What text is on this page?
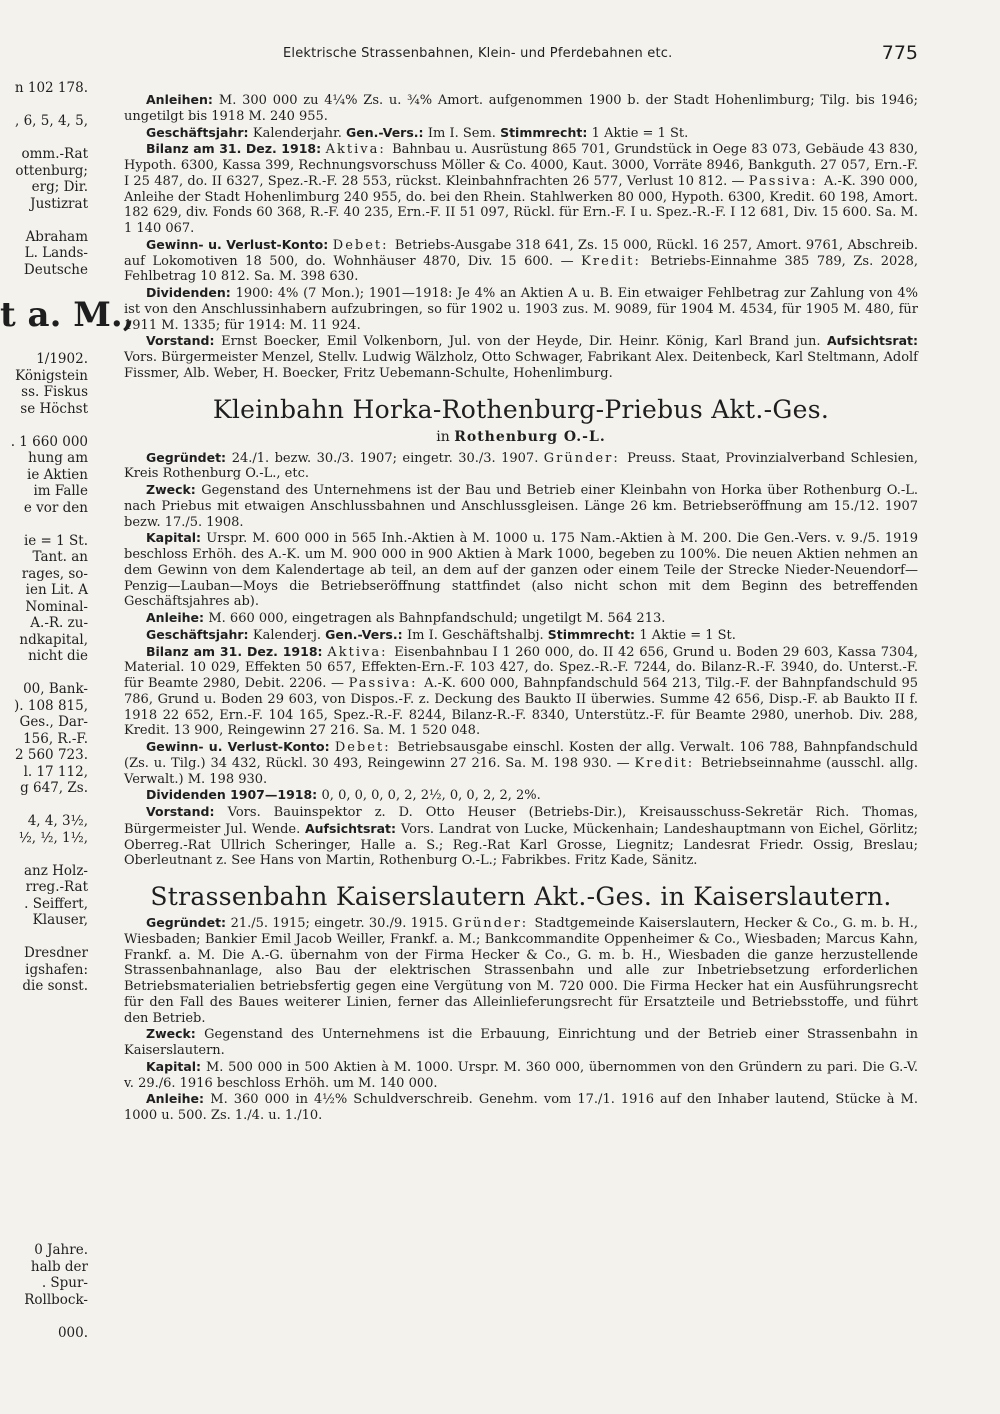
Elektrische Strassenbahnen, Klein- und Pferdebahnen etc.	775
n 102 178.
, 6, 5, 4, 5,
omm.-Rat
ottenburg;
erg; Dir.
Justizrat
Abraham
L. Lands-
Deutsche
t a. M.,
1/1902.
Königstein
ss. Fiskus
se Höchst
. 1 660 000
hung am
ie Aktien
im Falle
e vor den
ie = 1 St.
Tant. an
rages, so-
ien Lit. A
Nominal-
A.-R. zu-
ndkapital,
nicht die
00, Bank-
). 108 815,
Ges., Dar-
156, R.-F.
2 560 723.
l. 17 112,
g 647, Zs.
4, 4, 3½,
½, ½, 1½,
anz Holz-
rreg.-Rat
. Seiffert,
Klauser,
Dresdner
igshafen:
die sonst.
0 Jahre.
halb der
. Spur-
Rollbock-
000.

Anleihen: M. 300 000 zu 4¼% Zs. u. ¾% Amort. aufgenommen 1900 b. der Stadt Hohenlimburg; Tilg. bis 1946; ungetilgt bis 1918 M. 240 955.

Geschäftsjahr: Kalenderjahr. Gen.-Vers.: Im I. Sem. Stimmrecht: 1 Aktie = 1 St.

Bilanz am 31. Dez. 1918: Aktiva: Bahnbau u. Ausrüstung 865 701, Grundstück in Oege 83 073, Gebäude 43 830, Hypoth. 6300, Kassa 399, Rechnungsvorschuss Möller & Co. 4000, Kaut. 3000, Vorräte 8946, Bankguth. 27 057, Ern.-F. I 25 487, do. II 6327, Spez.-R.-F. 28 553, rückst. Kleinbahnfrachten 26 577, Verlust 10 812. — Passiva: A.-K. 390 000, Anleihe der Stadt Hohenlimburg 240 955, do. bei den Rhein. Stahlwerken 80 000, Hypoth. 6300, Kredit. 60 198, Amort. 182 629, div. Fonds 60 368, R.-F. 40 235, Ern.-F. II 51 097, Rückl. für Ern.-F. I u. Spez.-R.-F. I 12 681, Div. 15 600. Sa. M. 1 140 067.

Gewinn- u. Verlust-Konto: Debet: Betriebs-Ausgabe 318 641, Zs. 15 000, Rückl. 16 257, Amort. 9761, Abschreib. auf Lokomotiven 18 500, do. Wohnhäuser 4870, Div. 15 600. — Kredit: Betriebs-Einnahme 385 789, Zs. 2028, Fehlbetrag 10 812. Sa. M. 398 630.

Dividenden: 1900: 4% (7 Mon.); 1901—1918: Je 4% an Aktien A u. B. Ein etwaiger Fehlbetrag zur Zahlung von 4% ist von den Anschlussinhabern aufzubringen, so für 1902 u. 1903 zus. M. 9089, für 1904 M. 4534, für 1905 M. 480, für 1911 M. 1335; für 1914: M. 11 924.

Vorstand: Ernst Boecker, Emil Volkenborn, Jul. von der Heyde, Dir. Heinr. König, Karl Brand jun. Aufsichtsrat: Vors. Bürgermeister Menzel, Stellv. Ludwig Wälzholz, Otto Schwager, Fabrikant Alex. Deitenbeck, Karl Steltmann, Adolf Fissmer, Alb. Weber, H. Boecker, Fritz Uebemann-Schulte, Hohenlimburg.

Kleinbahn Horka-Rothenburg-Priebus Akt.-Ges.
in Rothenburg O.-L.

Gegründet: 24./1. bezw. 30./3. 1907; eingetr. 30./3. 1907. Gründer: Preuss. Staat, Provinzialverband Schlesien, Kreis Rothenburg O.-L., etc.

Zweck: Gegenstand des Unternehmens ist der Bau und Betrieb einer Kleinbahn von Horka über Rothenburg O.-L. nach Priebus mit etwaigen Anschlussbahnen und Anschlussgleisen. Länge 26 km. Betriebseröffnung am 15./12. 1907 bezw. 17./5. 1908.

Kapital: Urspr. M. 600 000 in 565 Inh.-Aktien à M. 1000 u. 175 Nam.-Aktien à M. 200. Die Gen.-Vers. v. 9./5. 1919 beschloss Erhöh. des A.-K. um M. 900 000 in 900 Aktien à Mark 1000, begeben zu 100%. Die neuen Aktien nehmen an dem Gewinn von dem Kalendertage ab teil, an dem auf der ganzen oder einem Teile der Strecke Nieder-Neuendorf—Penzig—Lauban—Moys die Betriebseröffnung stattfindet (also nicht schon mit dem Beginn des betreffenden Geschäftsjahres ab).

Anleihe: M. 660 000, eingetragen als Bahnpfandschuld; ungetilgt M. 564 213.

Geschäftsjahr: Kalenderj. Gen.-Vers.: Im I. Geschäftshalbj. Stimmrecht: 1 Aktie = 1 St.

Bilanz am 31. Dez. 1918: Aktiva: Eisenbahnbau I 1 260 000, do. II 42 656, Grund u. Boden 29 603, Kassa 7304, Material. 10 029, Effekten 50 657, Effekten-Ern.-F. 103 427, do. Spez.-R.-F. 7244, do. Bilanz-R.-F. 3940, do. Unterst.-F. für Beamte 2980, Debit. 2206. — Passiva: A.-K. 600 000, Bahnpfandschuld 564 213, Tilg.-F. der Bahnpfandschuld 95 786, Grund u. Boden 29 603, von Dispos.-F. z. Deckung des Baukto II überwies. Summe 42 656, Disp.-F. ab Baukto II f. 1918 22 652, Ern.-F. 104 165, Spez.-R.-F. 8244, Bilanz-R.-F. 8340, Unterstütz.-F. für Beamte 2980, unerhob. Div. 288, Kredit. 13 900, Reingewinn 27 216. Sa. M. 1 520 048.

Gewinn- u. Verlust-Konto: Debet: Betriebsausgabe einschl. Kosten der allg. Verwalt. 106 788, Bahnpfandschuld (Zs. u. Tilg.) 34 432, Rückl. 30 493, Reingewinn 27 216. Sa. M. 198 930. — Kredit: Betriebseinnahme (ausschl. allg. Verwalt.) M. 198 930.

Dividenden 1907—1918: 0, 0, 0, 0, 0, 2, 2½, 0, 0, 2, 2, 2%.

Vorstand: Vors. Bauinspektor z. D. Otto Heuser (Betriebs-Dir.), Kreisausschuss-Sekretär Rich. Thomas, Bürgermeister Jul. Wende. Aufsichtsrat: Vors. Landrat von Lucke, Mückenhain; Landeshauptmann von Eichel, Görlitz; Oberreg.-Rat Ullrich Scheringer, Halle a. S.; Reg.-Rat Karl Grosse, Liegnitz; Landesrat Friedr. Ossig, Breslau; Oberleutnant z. See Hans von Martin, Rothenburg O.-L.; Fabrikbes. Fritz Kade, Sänitz.

Strassenbahn Kaiserslautern Akt.-Ges. in Kaiserslautern.

Gegründet: 21./5. 1915; eingetr. 30./9. 1915. Gründer: Stadtgemeinde Kaiserslautern, Hecker & Co., G. m. b. H., Wiesbaden; Bankier Emil Jacob Weiller, Frankf. a. M.; Bankcommandite Oppenheimer & Co., Wiesbaden; Marcus Kahn, Frankf. a. M. Die A.-G. übernahm von der Firma Hecker & Co., G. m. b. H., Wiesbaden die ganze herzustellende Strassenbahnanlage, also Bau der elektrischen Strassenbahn und alle zur Inbetriebsetzung erforderlichen Betriebsmaterialien betriebsfertig gegen eine Vergütung von M. 720 000. Die Firma Hecker hat ein Ausführungsrecht für den Fall des Baues weiterer Linien, ferner das Alleinlieferungsrecht für Ersatzteile und Betriebsstoffe, und führt den Betrieb.

Zweck: Gegenstand des Unternehmens ist die Erbauung, Einrichtung und der Betrieb einer Strassenbahn in Kaiserslautern.

Kapital: M. 500 000 in 500 Aktien à M. 1000. Urspr. M. 360 000, übernommen von den Gründern zu pari. Die G.-V. v. 29./6. 1916 beschloss Erhöh. um M. 140 000.

Anleihe: M. 360 000 in 4½% Schuldverschreib. Genehm. vom 17./1. 1916 auf den Inhaber lautend, Stücke à M. 1000 u. 500. Zs. 1./4. u. 1./10.
